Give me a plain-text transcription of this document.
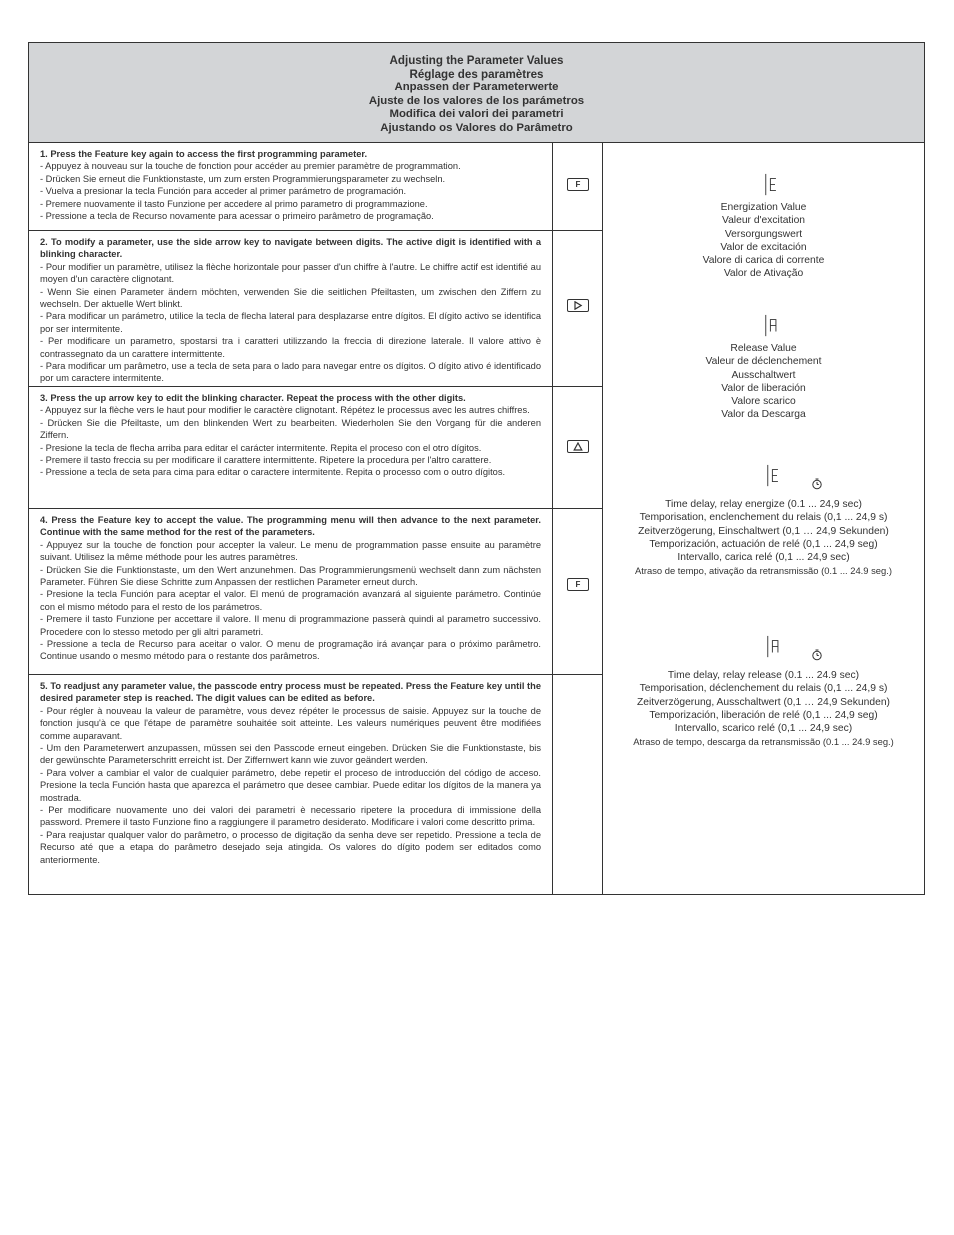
Adjusting the Parameter Values
Réglage des paramètres
Anpassen der Parameterwerte
Ajuste de los valores de los parámetros
Modifica dei valori dei parametri
Ajustando os Valores do Parâmetro
1. Press the Feature key again to access the first programming parameter.
- Appuyez à nouveau sur la touche de fonction pour accéder au premier paramètre de programmation.
- Drücken Sie erneut die Funktionstaste, um zum ersten Programmierungsparameter zu wechseln.
- Vuelva a presionar la tecla Función para acceder al primer parámetro de programación.
- Premere nuovamente il tasto Funzione per accedere al primo parametro di programmazione.
- Pressione a tecla de Recurso novamente para acessar o primeiro parâmetro de programação.
2. To modify a parameter, use the side arrow key to navigate between digits. The active digit is identified with a blinking character.
- Pour modifier un paramètre, utilisez la flèche horizontale pour passer d'un chiffre à l'autre. Le chiffre actif est identifié au moyen d'un caractère clignotant.
- Wenn Sie einen Parameter ändern möchten, verwenden Sie die seitlichen Pfeiltasten, um zwischen den Ziffern zu wechseln. Der aktuelle Wert blinkt.
- Para modificar un parámetro, utilice la tecla de flecha lateral para desplazarse entre dígitos. El dígito activo se identifica por ser intermitente.
- Per modificare un parametro, spostarsi tra i caratteri utilizzando la freccia di direzione laterale. Il valore attivo è contrassegnato da un carattere intermittente.
- Para modificar um parâmetro, use a tecla de seta para o lado para navegar entre os dígitos. O dígito ativo é identificado por um caractere intermitente.
3. Press the up arrow key to edit the blinking character. Repeat the process with the other digits.
- Appuyez sur la flèche vers le haut pour modifier le caractère clignotant. Répétez le processus avec les autres chiffres.
- Drücken Sie die Pfeiltaste, um den blinkenden Wert zu bearbeiten. Wiederholen Sie den Vorgang für die anderen Ziffern.
- Presione la tecla de flecha arriba para editar el carácter intermitente. Repita el proceso con el otro dígitos.
- Premere il tasto freccia su per modificare il carattere intermittente. Ripetere la procedura per l'altro carattere.
- Pressione a tecla de seta para cima para editar o caractere intermitente. Repita o processo com o outro dígitos.
4. Press the Feature key to accept the value. The programming menu will then advance to the next parameter. Continue with the same method for the rest of the parameters.
- Appuyez sur la touche de fonction pour accepter la valeur. Le menu de programmation passe ensuite au paramètre suivant. Utilisez la même méthode pour les autres paramètres.
- Drücken Sie die Funktionstaste, um den Wert anzunehmen. Das Programmierungsmenü wechselt dann zum nächsten Parameter. Führen Sie diese Schritte zum Anpassen der restlichen Parameter erneut durch.
- Presione la tecla Función para aceptar el valor. El menú de programación avanzará al siguiente parámetro. Continúe con el mismo método para el resto de los parámetros.
- Premere il tasto Funzione per accettare il valore. Il menu di programmazione passerà quindi al parametro successivo. Procedere con lo stesso metodo per gli altri parametri.
- Pressione a tecla de Recurso para aceitar o valor. O menu de programação irá avançar para o próximo parâmetro. Continue usando o mesmo método para o restante dos parâmetros.
5. To readjust any parameter value, the passcode entry process must be repeated. Press the Feature key until the desired parameter step is reached. The digit values can be edited as before.
- Pour régler à nouveau la valeur de paramètre, vous devez répéter le processus de saisie. Appuyez sur la touche de fonction jusqu'à ce que l'étape de paramètre souhaitée soit atteinte. Les valeurs numériques peuvent être modifiées comme auparavant.
- Um den Parameterwert anzupassen, müssen sei den Passcode erneut eingeben. Drücken Sie die Funktionstaste, bis der gewünschte Parameterschritt erreicht ist. Der Ziffernwert kann wie zuvor geändert werden.
- Para volver a cambiar el valor de cualquier parámetro, debe repetir el proceso de introducción del código de acceso. Presione la tecla Función hasta que aparezca el parámetro que desee cambiar. Puede editar los dígitos de la manera ya mostrada.
- Per modificare nuovamente uno dei valori dei parametri è necessario ripetere la procedura di immissione della password. Premere il tasto Funzione fino a raggiungere il parametro desiderato. Modificare i valori come descritto prima.
- Para reajustar qualquer valor do parâmetro, o processo de digitação da senha deve ser repetido. Pressione a tecla de Recurso até que a etapa do parâmetro desejado seja atingida. Os valores do dígito podem ser editados como anteriormente.
F
F
Energization Value
Valeur d'excitation
Versorgungswert
Valor de excitación
Valore di carica di corrente
Valor de Ativação
Release Value
Valeur de déclenchement
Ausschaltwert
Valor de liberación
Valore scarico
Valor da Descarga
Time delay, relay energize (0.1 ... 24,9 sec)
Temporisation, enclenchement du relais (0,1 ... 24,9 s)
Zeitverzögerung, Einschaltwert (0,1 … 24,9 Sekunden)
Temporización, actuación de relé (0,1 ... 24,9 seg)
Intervallo, carica relé (0,1 ... 24,9 sec)
Atraso de tempo, ativação da retransmissão (0.1 ... 24.9 seg.)
Time delay, relay release (0.1 ... 24.9 sec)
Temporisation, déclenchement du relais (0,1 ... 24,9 s)
Zeitverzögerung, Ausschaltwert (0,1 … 24,9 Sekunden)
Temporización, liberación de relé (0,1 ... 24,9 seg)
Intervallo, scarico relé (0,1 ... 24,9 sec)
Atraso de tempo, descarga da retransmissão (0.1 ... 24.9 seg.)
